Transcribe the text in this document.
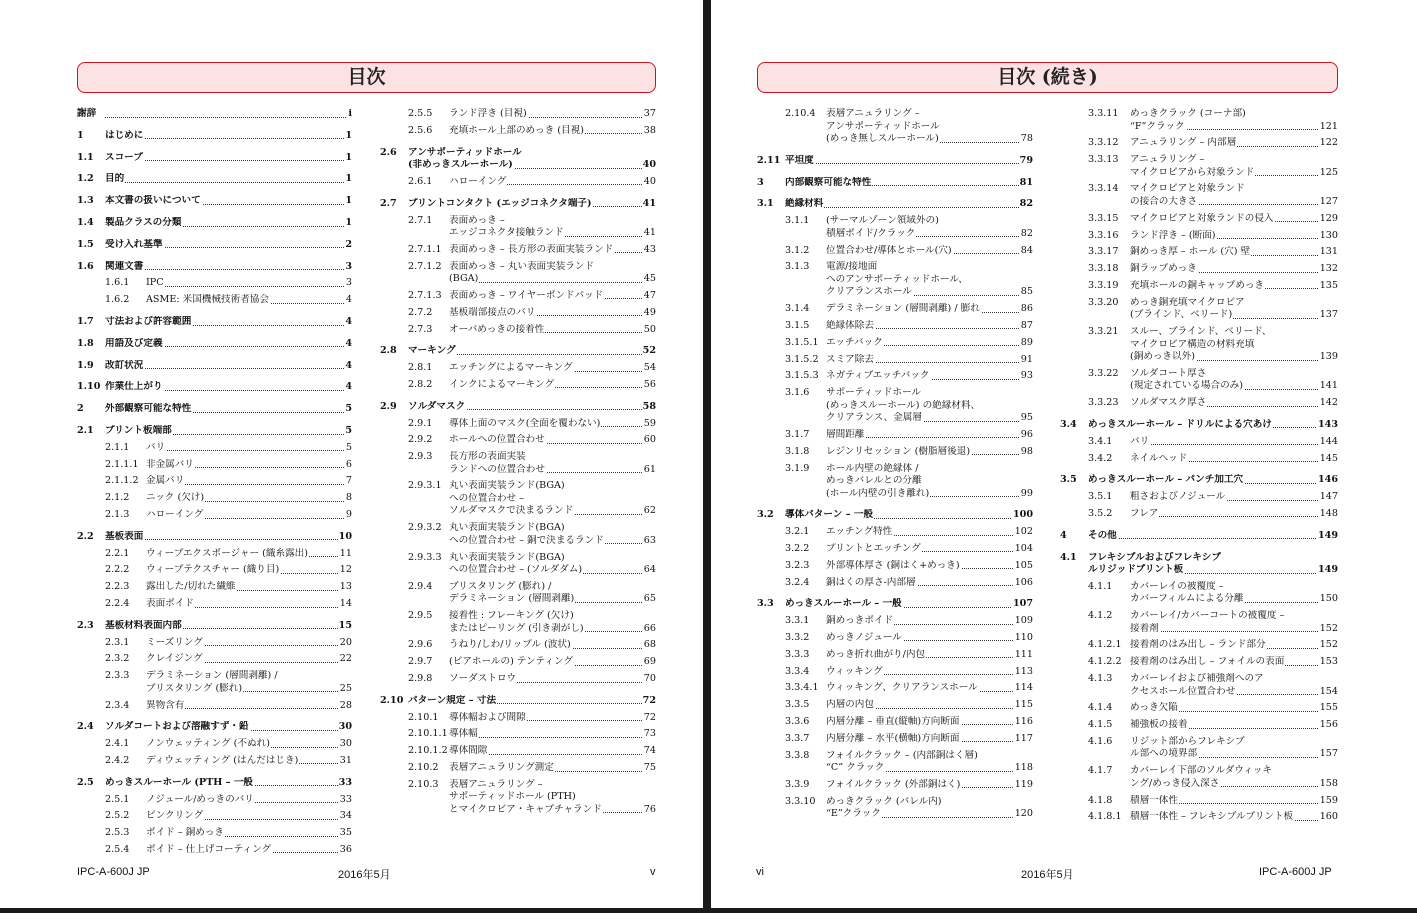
目次
謝辞	i
1 はじめに	1
1.1 スコープ	1
1.2 目的	1
1.3 本文書の扱いについて	1
1.4 製品クラスの分類	1
1.5 受け入れ基準	2
1.6 関連文書	3
1.6.1 IPC	3
1.6.2 ASME: 米国機械技術者協会	4
1.7 寸法および許容範囲	4
1.8 用語及び定義	4
1.9 改訂状況	4
1.10 作業仕上がり	4
2 外部観察可能な特性	5
2.1 プリント板端部	5
2.1.1 バリ	5
2.1.1.1 非金属バリ	6
2.1.1.2 金属バリ	7
2.1.2 ニック (欠け)	8
2.1.3 ハローイング	9
2.2 基板表面	10
2.2.1 ウィーブエクスポージャー (織糸露出)	11
2.2.2 ウィーブテクスチャー (織り目)	12
2.2.3 露出した/切れた繊維	13
2.2.4 表面ボイド	14
2.3 基板材料表面内部	15
2.3.1 ミーズリング	20
2.3.2 クレイジング	22
2.3.3 デラミネーション (層間剥離) /
ブリスタリング (膨れ)	25
2.3.4 異物含有	28
2.4 ソルダコートおよび溶融すず・鉛	30
2.4.1 ノンウェッティング (不ぬれ)	30
2.4.2 ディウェッティング (はんだはじき)	31
2.5 めっきスルーホール (PTH – 一般	33
2.5.1 ノジュール/めっきのバリ	33
2.5.2 ピンクリング	34
2.5.3 ボイド – 銅めっき	35
2.5.4 ボイド – 仕上げコーティング	36
2.5.5 ランド浮き (目視)	37
2.5.6 充填ホール上部のめっき (目視)	38
2.6 アンサポーティッドホール
(非めっきスルーホール)	40
2.6.1 ハローイング	40
2.7 プリントコンタクト (エッジコネクタ端子)	41
2.7.1 表面めっき –
エッジコネクタ接触ランド	41
2.7.1.1 表面めっき – 長方形の表面実装ランド	43
2.7.1.2 表面めっき – 丸い表面実装ランド
(BGA)	45
2.7.1.3 表面めっき – ワイヤーボンドパッド	47
2.7.2 基板端部接点のバリ	49
2.7.3 オーバめっきの接着性	50
2.8 マーキング	52
2.8.1 エッチングによるマーキング	54
2.8.2 インクによるマーキング	56
2.9 ソルダマスク	58
2.9.1 導体上面のマスク(全面を覆わない)	59
2.9.2 ホールへの位置合わせ	60
2.9.3 長方形の表面実装
ランドへの位置合わせ	61
2.9.3.1 丸い表面実装ランド(BGA)
への位置合わせ –
ソルダマスクで決まるランド	62
2.9.3.2 丸い表面実装ランド(BGA)
への位置合わせ – 銅で決まるランド	63
2.9.3.3 丸い表面実装ランド(BGA)
への位置合わせ – (ソルダダム)	64
2.9.4 ブリスタリング (膨れ) /
デラミネーション (層間剥離)	65
2.9.5 接着性 : フレーキング (欠け)
またはピーリング (引き剥がし)	66
2.9.6 うねり/しわ/リップル (波状)	68
2.9.7 (ビアホールの) テンティング	69
2.9.8 ソーダストロウ	70
2.10 パターン規定 – 寸法	72
2.10.1 導体幅および間隙	72
2.10.1.1 導体幅	73
2.10.1.2 導体間隙	74
2.10.2 表層アニュラリング測定	75
2.10.3 表層アニュラリング –
サポーティッドホール (PTH)
とマイクロビア・キャプチャランド	76
IPC-A-600J JP	2016年5月	v
目次 (続き)
2.10.4 表層アニュラリング –
アンサポーティッドホール
(めっき無しスルーホール)	78
2.11 平坦度	79
3 内部観察可能な特性	81
3.1 絶縁材料	82
3.1.1 (サーマルゾーン領域外の)
積層ボイド/クラック	82
3.1.2 位置合わせ/導体とホール(穴)	84
3.1.3 電源/接地面
へのアンサポーティッドホール、
クリアランスホール	85
3.1.4 デラミネーション (層間剥離) / 膨れ	86
3.1.5 絶縁体除去	87
3.1.5.1 エッチバック	89
3.1.5.2 スミア除去	91
3.1.5.3 ネガティブエッチバック	93
3.1.6 サポーティッドホール
(めっきスルーホール) の絶縁材料、
クリアランス、金属層	95
3.1.7 層間距離	96
3.1.8 レジンリセッション (樹脂層後退)	98
3.1.9 ホール内壁の絶縁体 /
めっきバレルとの分離
(ホール内壁の引き離れ)	99
3.2 導体パターン – 一般	100
3.2.1 エッチング特性	102
3.2.2 プリントとエッチング	104
3.2.3 外部導体厚さ (銅はく+めっき)	105
3.2.4 銅はくの厚さ-内部層	106
3.3 めっきスルーホール – 一般	107
3.3.1 銅めっきボイド	109
3.3.2 めっきノジュール	110
3.3.3 めっき折れ曲がり/内包	111
3.3.4 ウィッキング	113
3.3.4.1 ウィッキング、クリアランスホール	114
3.3.5 内層の内包	115
3.3.6 内層分離 – 垂直(縦軸)方向断面	116
3.3.7 内層分離 – 水平(横軸)方向断面	117
3.3.8 フォイルクラック – (内部銅はく層)
“C” クラック	118
3.3.9 フォイルクラック (外部銅はく)	119
3.3.10 めっきクラック (バレル内)
“E”クラック	120
3.3.11 めっきクラック (コーナ部)
“F”クラック	121
3.3.12 アニュラリング – 内部層	122
3.3.13 アニュラリング –
マイクロビアから対象ランド	125
3.3.14 マイクロビアと対象ランド
の接合の大きさ	127
3.3.15 マイクロビアと対象ランドの侵入	129
3.3.16 ランド浮き – (断面)	130
3.3.17 銅めっき厚 – ホール (穴) 壁	131
3.3.18 銅ラップめっき	132
3.3.19 充填ホールの銅キャップめっき	135
3.3.20 めっき銅充填マイクロビア
(ブラインド、ベリード)	137
3.3.21 スルー、ブラインド、ベリード、
マイクロビア構造の材料充填
(銅めっき以外)	139
3.3.22 ソルダコート厚さ
(規定されている場合のみ)	141
3.3.23 ソルダマスク厚さ	142
3.4 めっきスルーホール – ドリルによる穴あけ	143
3.4.1 バリ	144
3.4.2 ネイルヘッド	145
3.5 めっきスルーホール – パンチ加工穴	146
3.5.1 粗さおよびノジュール	147
3.5.2 フレア	148
4 その他	149
4.1 フレキシブルおよびフレキシブ
ルリジッドプリント板	149
4.1.1 カバーレイの被覆度 –
カバーフィルムによる分離	150
4.1.2 カバーレイ/カバーコートの被覆度 –
接着剤	152
4.1.2.1 接着剤のはみ出し – ランド部分	152
4.1.2.2 接着剤のはみ出し – フォイルの表面	153
4.1.3 カバーレイおよび補強剤へのア
クセスホール位置合わせ	154
4.1.4 めっき欠陥	155
4.1.5 補強板の接着	156
4.1.6 リジット部からフレキシブ
ル部への境界部	157
4.1.7 カバーレイ下部のソルダウィッキ
ング/めっき侵入深さ	158
4.1.8 積層一体性	159
4.1.8.1 積層一体性 – フレキシブルプリント板	160
vi	2016年5月	IPC-A-600J JP
